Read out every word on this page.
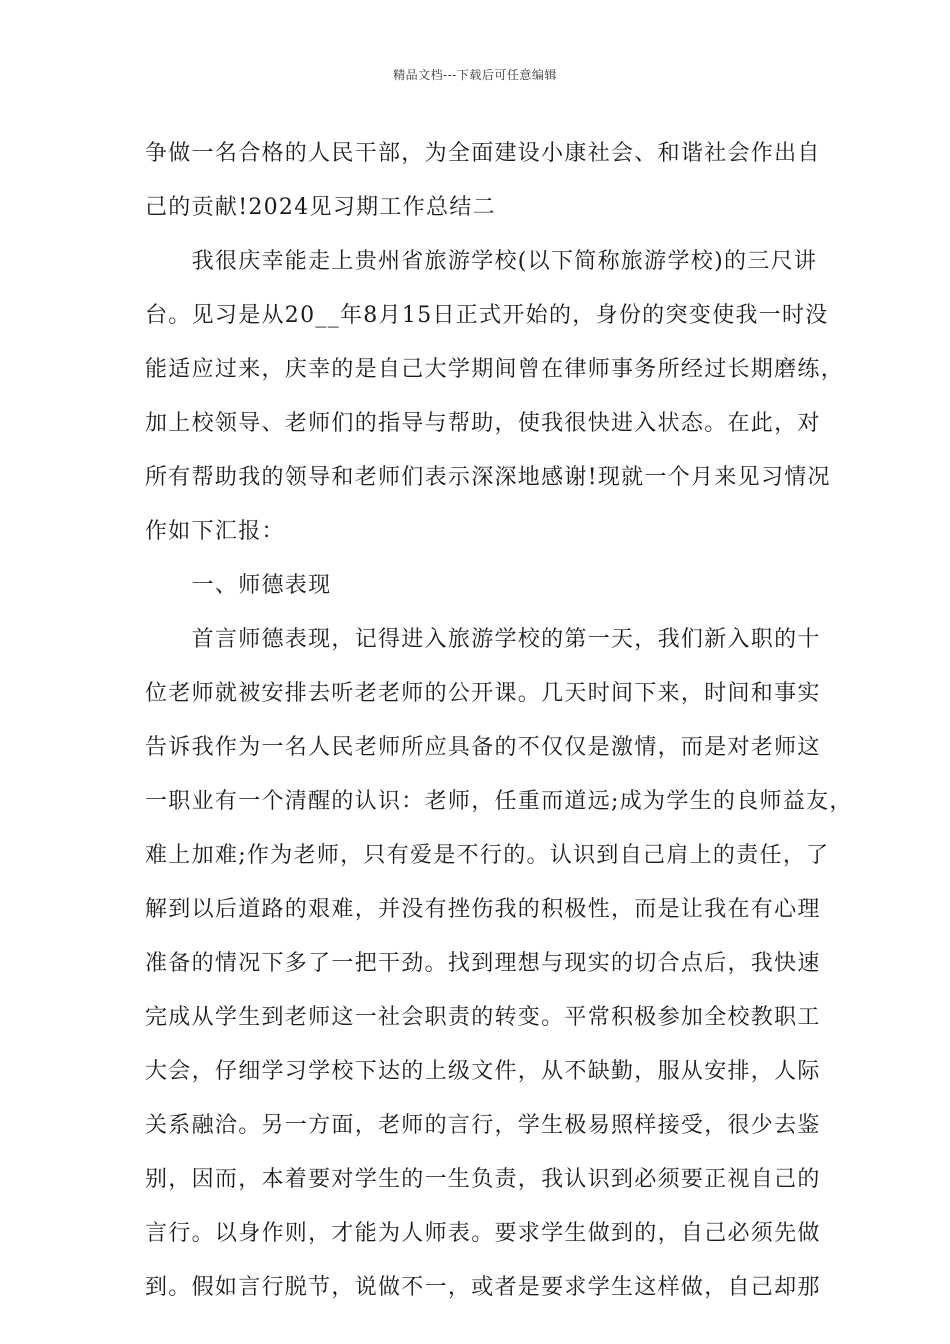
精品文档---下载后可任意编辑
争做一名合格的人民干部，为全面建设小康社会、和谐社会作出自
己的贡献!2024见习期工作总结二
　　我很庆幸能走上贵州省旅游学校(以下简称旅游学校)的三尺讲
台。见习是从20__年8月15日正式开始的，身份的突变使我一时没
能适应过来，庆幸的是自己大学期间曾在律师事务所经过长期磨练，
加上校领导、老师们的指导与帮助，使我很快进入状态。在此，对
所有帮助我的领导和老师们表示深深地感谢!现就一个月来见习情况
作如下汇报：
　　一、师德表现
　　首言师德表现，记得进入旅游学校的第一天，我们新入职的十
位老师就被安排去听老老师的公开课。几天时间下来，时间和事实
告诉我作为一名人民老师所应具备的不仅仅是激情，而是对老师这
一职业有一个清醒的认识：老师，任重而道远;成为学生的良师益友，
难上加难;作为老师，只有爱是不行的。认识到自己肩上的责任，了
解到以后道路的艰难，并没有挫伤我的积极性，而是让我在有心理
准备的情况下多了一把干劲。找到理想与现实的切合点后，我快速
完成从学生到老师这一社会职责的转变。平常积极参加全校教职工
大会，仔细学习学校下达的上级文件，从不缺勤，服从安排，人际
关系融洽。另一方面，老师的言行，学生极易照样接受，很少去鉴
别，因而，本着要对学生的一生负责，我认识到必须要正视自己的
言行。以身作则，才能为人师表。要求学生做到的，自己必须先做
到。假如言行脱节，说做不一，或者是要求学生这样做，自己却那
